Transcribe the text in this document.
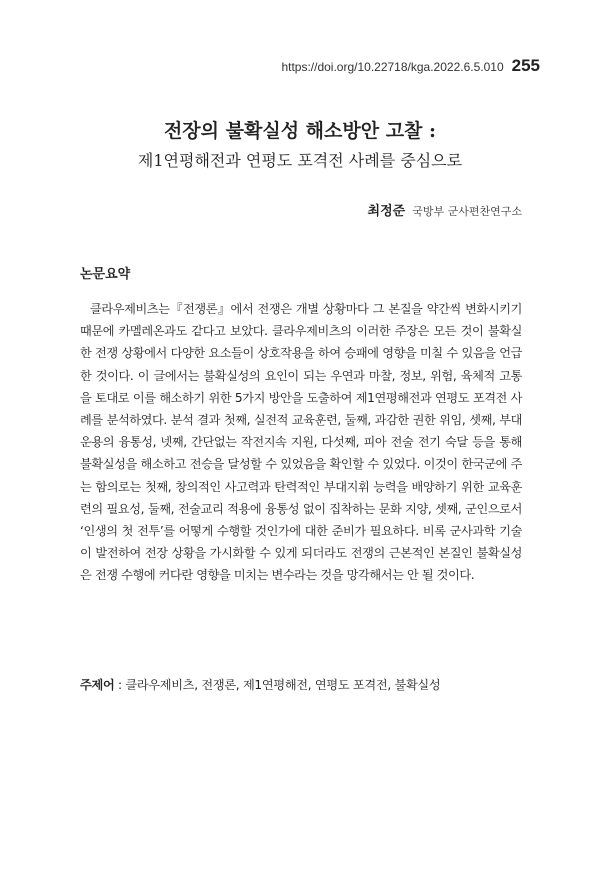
https://doi.org/10.22718/kga.2022.6.5.010 255
전장의 불확실성 해소방안 고찰 :
제1연평해전과 연평도 포격전 사례를 중심으로
최정준 국방부 군사편찬연구소
논문요약

클라우제비츠는『전쟁론』에서 전쟁은 개별 상황마다 그 본질을 약간씩 변화시키기 때문에 카멜레온과도 같다고 보았다. 클라우제비츠의 이러한 주장은 모든 것이 불확실한 전쟁 상황에서 다양한 요소들이 상호작용을 하여 승패에 영향을 미칠 수 있음을 언급한 것이다. 이 글에서는 불확실성의 요인이 되는 우연과 마찰, 정보, 위험, 육체적 고통을 토대로 이를 해소하기 위한 5가지 방안을 도출하여 제1연평해전과 연평도 포격전 사례를 분석하였다. 분석 결과 첫째, 실전적 교육훈련, 둘째, 과감한 권한 위임, 셋째, 부대 운용의 융통성, 넷째, 간단없는 작전지속 지원, 다섯째, 피아 전술 전기 숙달 등을 통해 불확실성을 해소하고 전승을 달성할 수 있었음을 확인할 수 있었다. 이것이 한국군에 주는 함의로는 첫째, 창의적인 사고력과 탄력적인 부대지휘 능력을 배양하기 위한 교육훈련의 필요성, 둘째, 전술교리 적용에 융통성 없이 집착하는 문화 지양, 셋째, 군인으로서 ‘인생의 첫 전투’를 어떻게 수행할 것인가에 대한 준비가 필요하다. 비록 군사과학 기술이 발전하여 전장 상황을 가시화할 수 있게 되더라도 전쟁의 근본적인 본질인 불확실성은 전쟁 수행에 커다란 영향을 미치는 변수라는 것을 망각해서는 안 될 것이다.

주제어 : 클라우제비츠, 전쟁론, 제1연평해전, 연평도 포격전, 불확실성
